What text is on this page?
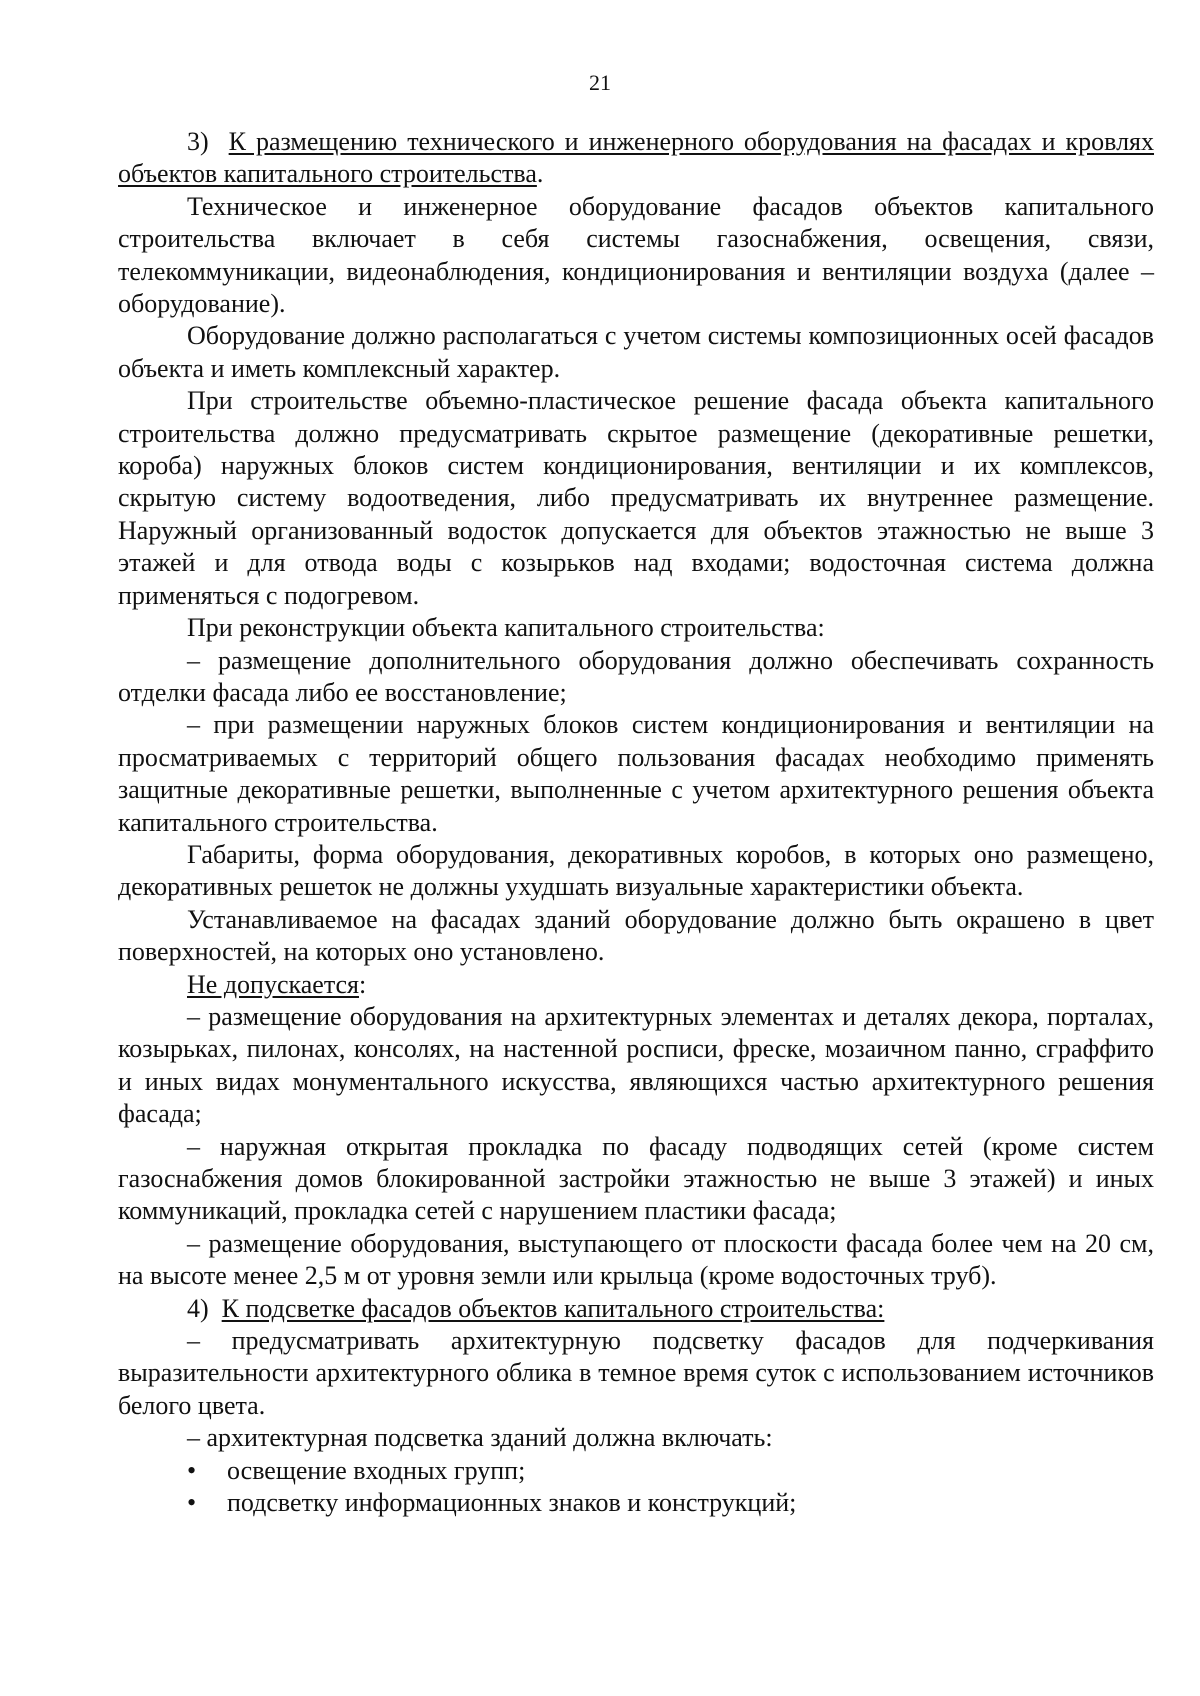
21

3) К размещению технического и инженерного оборудования на фасадах и кровлях объектов капитального строительства.

Техническое и инженерное оборудование фасадов объектов капитального строительства включает в себя системы газоснабжения, освещения, связи, телекоммуникации, видеонаблюдения, кондиционирования и вентиляции воздуха (далее – оборудование).

Оборудование должно располагаться с учетом системы композиционных осей фасадов объекта и иметь комплексный характер.

При строительстве объемно-пластическое решение фасада объекта капитального строительства должно предусматривать скрытое размещение (декоративные решетки, короба) наружных блоков систем кондиционирования, вентиляции и их комплексов, скрытую систему водоотведения, либо предусматривать их внутреннее размещение. Наружный организованный водосток допускается для объектов этажностью не выше 3 этажей и для отвода воды с козырьков над входами; водосточная система должна применяться с подогревом.

При реконструкции объекта капитального строительства:

– размещение дополнительного оборудования должно обеспечивать сохранность отделки фасада либо ее восстановление;

– при размещении наружных блоков систем кондиционирования и вентиляции на просматриваемых с территорий общего пользования фасадах необходимо применять защитные декоративные решетки, выполненные с учетом архитектурного решения объекта капитального строительства.

Габариты, форма оборудования, декоративных коробов, в которых оно размещено, декоративных решеток не должны ухудшать визуальные характеристики объекта.

Устанавливаемое на фасадах зданий оборудование должно быть окрашено в цвет поверхностей, на которых оно установлено.

Не допускается:

– размещение оборудования на архитектурных элементах и деталях декора, порталах, козырьках, пилонах, консолях, на настенной росписи, фреске, мозаичном панно, сграффито и иных видах монументального искусства, являющихся частью архитектурного решения фасада;

– наружная открытая прокладка по фасаду подводящих сетей (кроме систем газоснабжения домов блокированной застройки этажностью не выше 3 этажей) и иных коммуникаций, прокладка сетей с нарушением пластики фасада;

– размещение оборудования, выступающего от плоскости фасада более чем на 20 см, на высоте менее 2,5 м от уровня земли или крыльца (кроме водосточных труб).

4) К подсветке фасадов объектов капитального строительства:

– предусматривать архитектурную подсветку фасадов для подчеркивания выразительности архитектурного облика в темное время суток с использованием источников белого цвета.

– архитектурная подсветка зданий должна включать:

• освещение входных групп;

• подсветку информационных знаков и конструкций;
